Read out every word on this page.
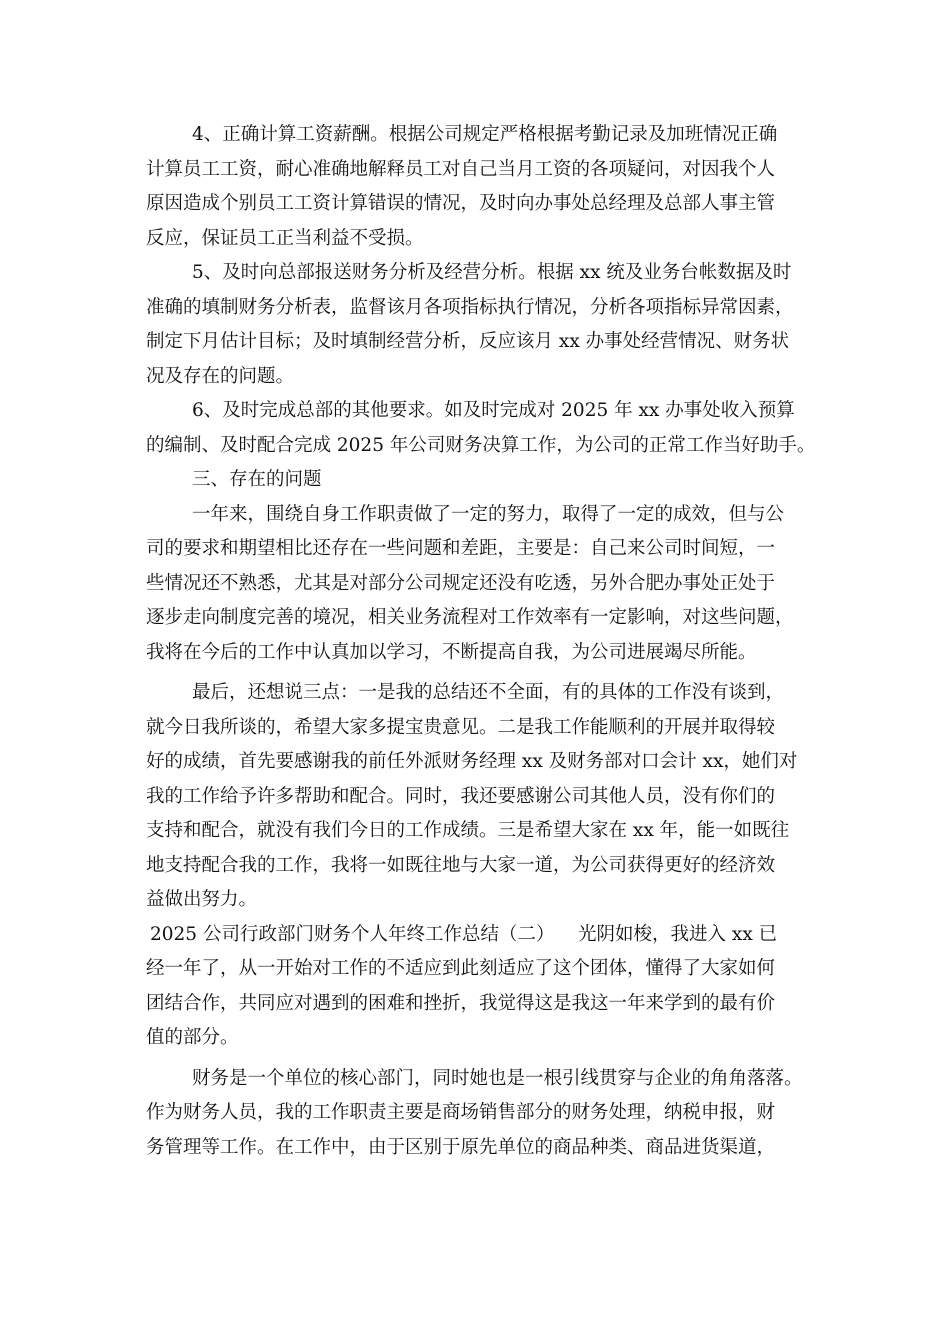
4、正确计算工资薪酬。根据公司规定严格根据考勤记录及加班情况正确
计算员工工资，耐心准确地解释员工对自己当月工资的各项疑问，对因我个人
原因造成个别员工工资计算错误的情况，及时向办事处总经理及总部人事主管
反应，保证员工正当利益不受损。
5、及时向总部报送财务分析及经营分析。根据 xx 统及业务台帐数据及时
准确的填制财务分析表，监督该月各项指标执行情况，分析各项指标异常因素，
制定下月估计目标；及时填制经营分析，反应该月 xx 办事处经营情况、财务状
况及存在的问题。
6、及时完成总部的其他要求。如及时完成对 2025 年 xx 办事处收入预算
的编制、及时配合完成 2025 年公司财务决算工作，为公司的正常工作当好助手。
三、存在的问题
一年来，围绕自身工作职责做了一定的努力，取得了一定的成效，但与公
司的要求和期望相比还存在一些问题和差距，主要是：自己来公司时间短，一
些情况还不熟悉，尤其是对部分公司规定还没有吃透，另外合肥办事处正处于
逐步走向制度完善的境况，相关业务流程对工作效率有一定影响，对这些问题，
我将在今后的工作中认真加以学习，不断提高自我，为公司进展竭尽所能。
最后，还想说三点：一是我的总结还不全面，有的具体的工作没有谈到，
就今日我所谈的，希望大家多提宝贵意见。二是我工作能顺利的开展并取得较
好的成绩，首先要感谢我的前任外派财务经理 xx 及财务部对口会计 xx，她们对
我的工作给予许多帮助和配合。同时，我还要感谢公司其他人员，没有你们的
支持和配合，就没有我们今日的工作成绩。三是希望大家在 xx 年，能一如既往
地支持配合我的工作，我将一如既往地与大家一道，为公司获得更好的经济效
益做出努力。
2025 公司行政部门财务个人年终工作总结（二） 光阴如梭，我进入 xx 已
经一年了，从一开始对工作的不适应到此刻适应了这个团体，懂得了大家如何
团结合作，共同应对遇到的困难和挫折，我觉得这是我这一年来学到的最有价
值的部分。
财务是一个单位的核心部门，同时她也是一根引线贯穿与企业的角角落落。
作为财务人员，我的工作职责主要是商场销售部分的财务处理，纳税申报，财
务管理等工作。在工作中，由于区别于原先单位的商品种类、商品进货渠道，
